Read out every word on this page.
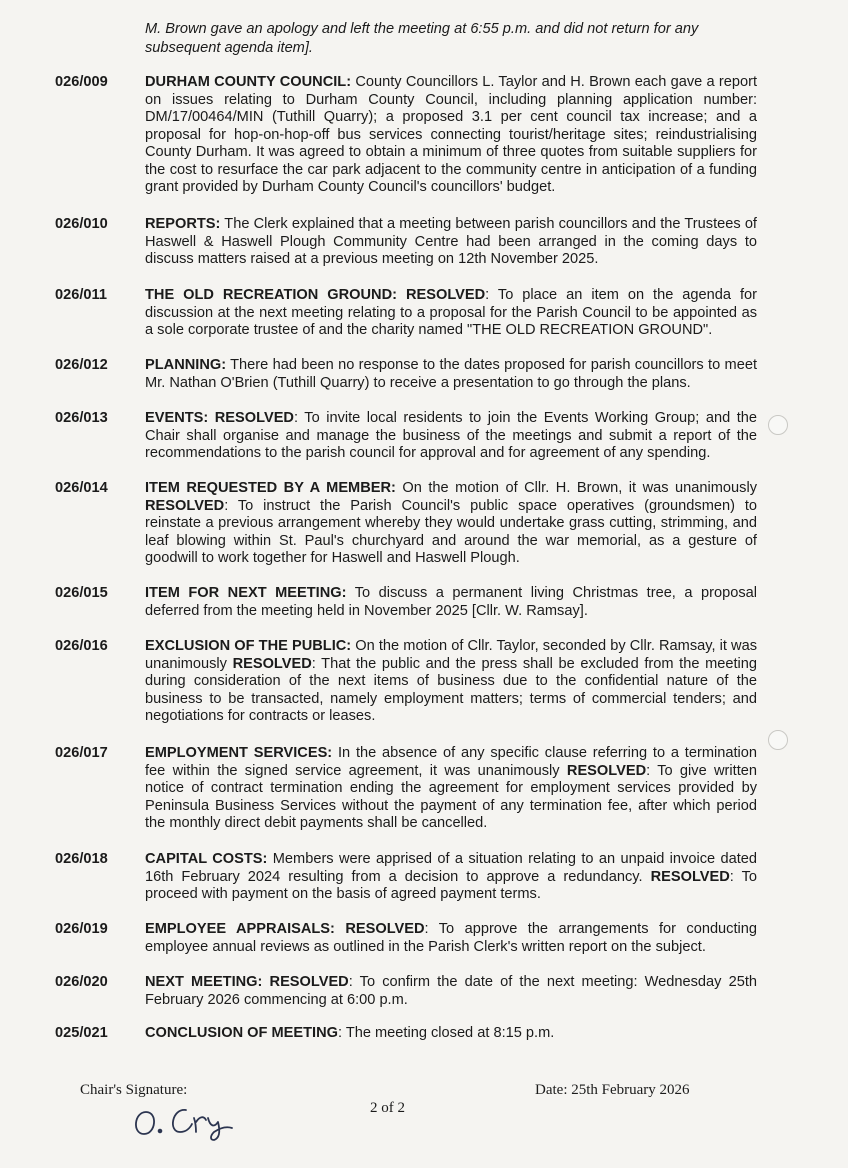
M. Brown gave an apology and left the meeting at 6:55 p.m. and did not return for any subsequent agenda item].
026/009	DURHAM COUNTY COUNCIL: County Councillors L. Taylor and H. Brown each gave a report on issues relating to Durham County Council, including planning application number: DM/17/00464/MIN (Tuthill Quarry); a proposed 3.1 per cent council tax increase; and a proposal for hop-on-hop-off bus services connecting tourist/heritage sites; reindustrialising County Durham. It was agreed to obtain a minimum of three quotes from suitable suppliers for the cost to resurface the car park adjacent to the community centre in anticipation of a funding grant provided by Durham County Council's councillors' budget.
026/010	REPORTS: The Clerk explained that a meeting between parish councillors and the Trustees of Haswell & Haswell Plough Community Centre had been arranged in the coming days to discuss matters raised at a previous meeting on 12th November 2025.
026/011	THE OLD RECREATION GROUND: RESOLVED: To place an item on the agenda for discussion at the next meeting relating to a proposal for the Parish Council to be appointed as a sole corporate trustee of and the charity named "THE OLD RECREATION GROUND".
026/012	PLANNING: There had been no response to the dates proposed for parish councillors to meet Mr. Nathan O'Brien (Tuthill Quarry) to receive a presentation to go through the plans.
026/013	EVENTS: RESOLVED: To invite local residents to join the Events Working Group; and the Chair shall organise and manage the business of the meetings and submit a report of the recommendations to the parish council for approval and for agreement of any spending.
026/014	ITEM REQUESTED BY A MEMBER: On the motion of Cllr. H. Brown, it was unanimously RESOLVED: To instruct the Parish Council's public space operatives (groundsmen) to reinstate a previous arrangement whereby they would undertake grass cutting, strimming, and leaf blowing within St. Paul's churchyard and around the war memorial, as a gesture of goodwill to work together for Haswell and Haswell Plough.
026/015	ITEM FOR NEXT MEETING: To discuss a permanent living Christmas tree, a proposal deferred from the meeting held in November 2025 [Cllr. W. Ramsay].
026/016	EXCLUSION OF THE PUBLIC: On the motion of Cllr. Taylor, seconded by Cllr. Ramsay, it was unanimously RESOLVED: That the public and the press shall be excluded from the meeting during consideration of the next items of business due to the confidential nature of the business to be transacted, namely employment matters; terms of commercial tenders; and negotiations for contracts or leases.
026/017	EMPLOYMENT SERVICES: In the absence of any specific clause referring to a termination fee within the signed service agreement, it was unanimously RESOLVED: To give written notice of contract termination ending the agreement for employment services provided by Peninsula Business Services without the payment of any termination fee, after which period the monthly direct debit payments shall be cancelled.
026/018	CAPITAL COSTS: Members were apprised of a situation relating to an unpaid invoice dated 16th February 2024 resulting from a decision to approve a redundancy. RESOLVED: To proceed with payment on the basis of agreed payment terms.
026/019	EMPLOYEE APPRAISALS: RESOLVED: To approve the arrangements for conducting employee annual reviews as outlined in the Parish Clerk's written report on the subject.
026/020	NEXT MEETING: RESOLVED: To confirm the date of the next meeting: Wednesday 25th February 2026 commencing at 6:00 p.m.
025/021	CONCLUSION OF MEETING: The meeting closed at 8:15 p.m.
Chair's Signature:
2 of 2
Date: 25th February 2026
